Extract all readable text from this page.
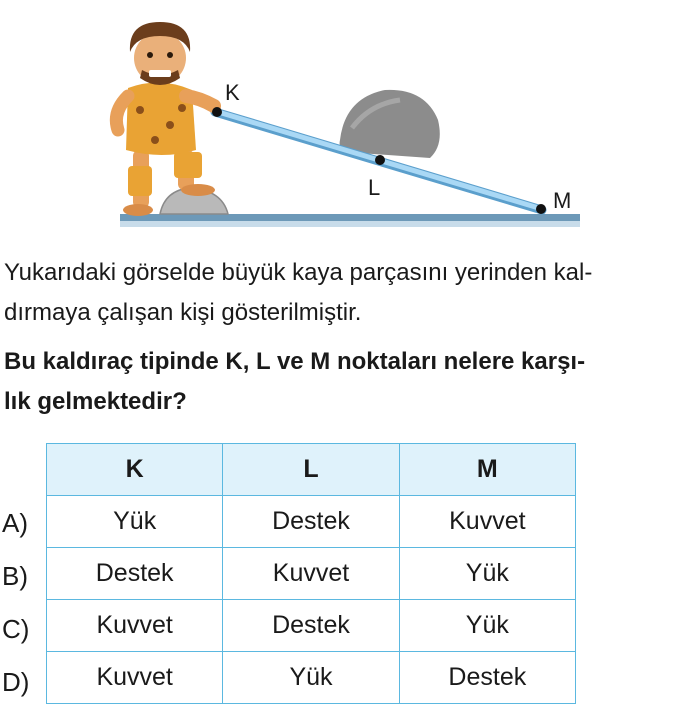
K
L
M

Yukarıdaki görselde büyük kaya parçasını yerinden kal-
dırmaya çalışan kişi gösterilmiştir.

Bu kaldıraç tipinde K, L ve M noktaları nelere karşı-
lık gelmektedir?

A)
B)
C)
D)
K	L	M
Yük	Destek	Kuvvet
Destek	Kuvvet	Yük
Kuvvet	Destek	Yük
Kuvvet	Yük	Destek
